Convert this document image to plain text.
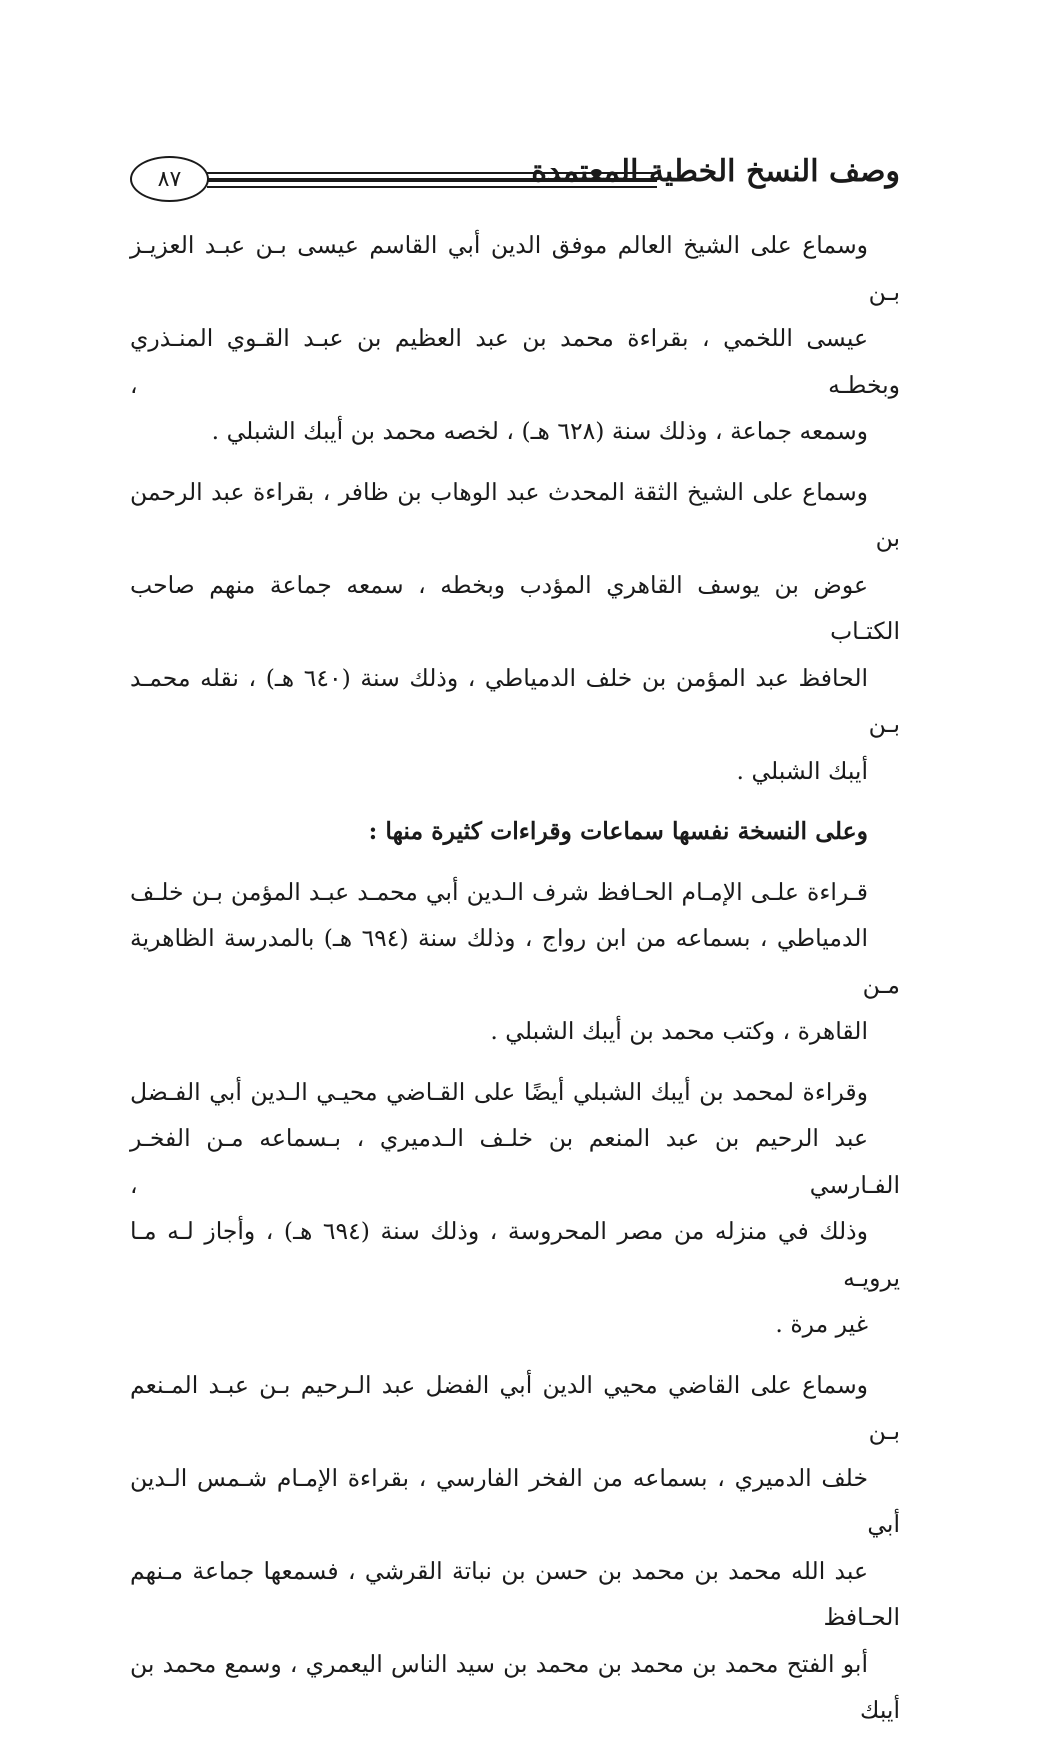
٨٧	وصف النسخ الخطية المعتمدة
وسماع على الشيخ العالم موفق الدين أبي القاسم عيسى بـن عبـد العزيـز بـن
عيسى اللخمي ، بقراءة محمد بن عبد العظيم بن عبـد القـوي المنـذري وبخطـه ،
وسمعه جماعة ، وذلك سنة (٦٢٨ هـ) ، لخصه محمد بن أيبك الشبلي .
وسماع على الشيخ الثقة المحدث عبد الوهاب بن ظافر ، بقراءة عبد الرحمن بن
عوض بن يوسف القاهري المؤدب وبخطه ، سمعه جماعة منهم صاحب الكتـاب
الحافظ عبد المؤمن بن خلف الدمياطي ، وذلك سنة (٦٤٠ هـ) ، نقله محمـد بـن
أيبك الشبلي .
وعلى النسخة نفسها سماعات وقراءات كثيرة منها :
قـراءة علـى الإمـام الحـافظ شرف الـدين أبي محمـد عبـد المؤمن بـن خلـف
الدمياطي ، بسماعه من ابن رواج ، وذلك سنة (٦٩٤ هـ) بالمدرسة الظاهرية مـن
القاهرة ، وكتب محمد بن أيبك الشبلي .
وقراءة لمحمد بن أيبك الشبلي أيضًا على القـاضي محيـي الـدين أبي الفـضل
عبد الرحيم بن عبد المنعم بن خلـف الـدميري ، بـسماعه مـن الفخـر الفـارسي ،
وذلك في منزله من مصر المحروسة ، وذلك سنة (٦٩٤ هـ) ، وأجاز لـه مـا يرويـه
غير مرة .
وسماع على القاضي محيي الدين أبي الفضل عبد الـرحيم بـن عبـد المـنعم بـن
خلف الدميري ، بسماعه من الفخر الفارسي ، بقراءة الإمـام شـمس الـدين أبي
عبد الله محمد بن محمد بن حسن بن نباتة القرشي ، فسمعها جماعة مـنهم الحـافظ
أبو الفتح محمد بن محمد بن محمد بن سيد الناس اليعمري ، وسمع محمد بن أيبك
